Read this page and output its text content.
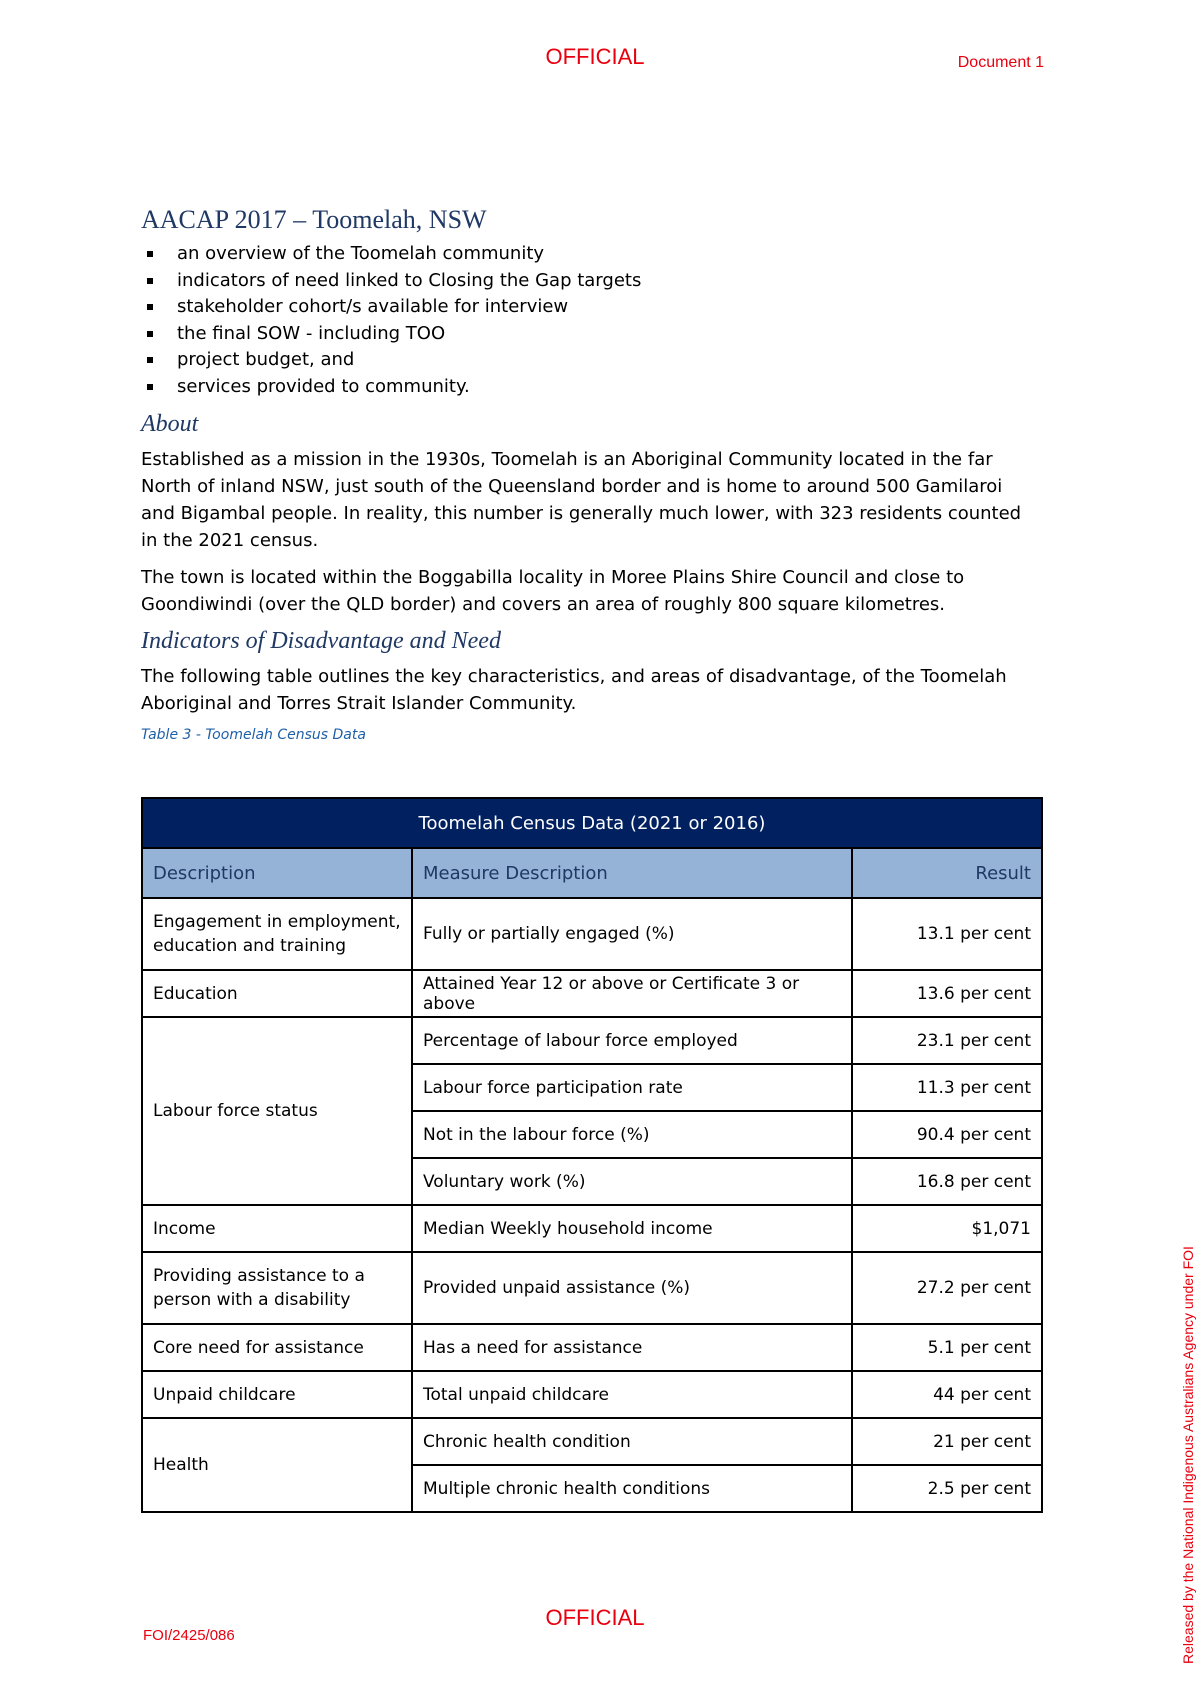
OFFICIAL	Document 1
AACAP 2017 – Toomelah, NSW
an overview of the Toomelah community
indicators of need linked to Closing the Gap targets
stakeholder cohort/s available for interview
the final SOW - including TOO
project budget, and
services provided to community.
About

Established as a mission in the 1930s, Toomelah is an Aboriginal Community located in the far North of inland NSW, just south of the Queensland border and is home to around 500 Gamilaroi and Bigambal people. In reality, this number is generally much lower, with 323 residents counted in the 2021 census.

The town is located within the Boggabilla locality in Moree Plains Shire Council and close to Goondiwindi (over the QLD border) and covers an area of roughly 800 square kilometres.

Indicators of Disadvantage and Need

The following table outlines the key characteristics, and areas of disadvantage, of the Toomelah Aboriginal and Torres Strait Islander Community.

Table 3 - Toomelah Census Data
Toomelah Census Data (2021 or 2016)		
Description	Measure Description	Result
Engagement in employment, education and training	Fully or partially engaged (%)	13.1 per cent
Education	Attained Year 12 or above or Certificate 3 or above	13.6 per cent
Labour force status	Percentage of labour force employed	23.1 per cent
	Labour force participation rate	11.3 per cent
	Not in the labour force (%)	90.4 per cent
	Voluntary work (%)	16.8 per cent
Income	Median Weekly household income	$1,071
Providing assistance to a person with a disability	Provided unpaid assistance (%)	27.2 per cent
Core need for assistance	Has a need for assistance	5.1 per cent
Unpaid childcare	Total unpaid childcare	44 per cent
Health	Chronic health condition	21 per cent
	Multiple chronic health conditions	2.5 per cent
OFFICIAL
FOI/2425/086	Released by the National Indigenous Australians Agency under FOI
